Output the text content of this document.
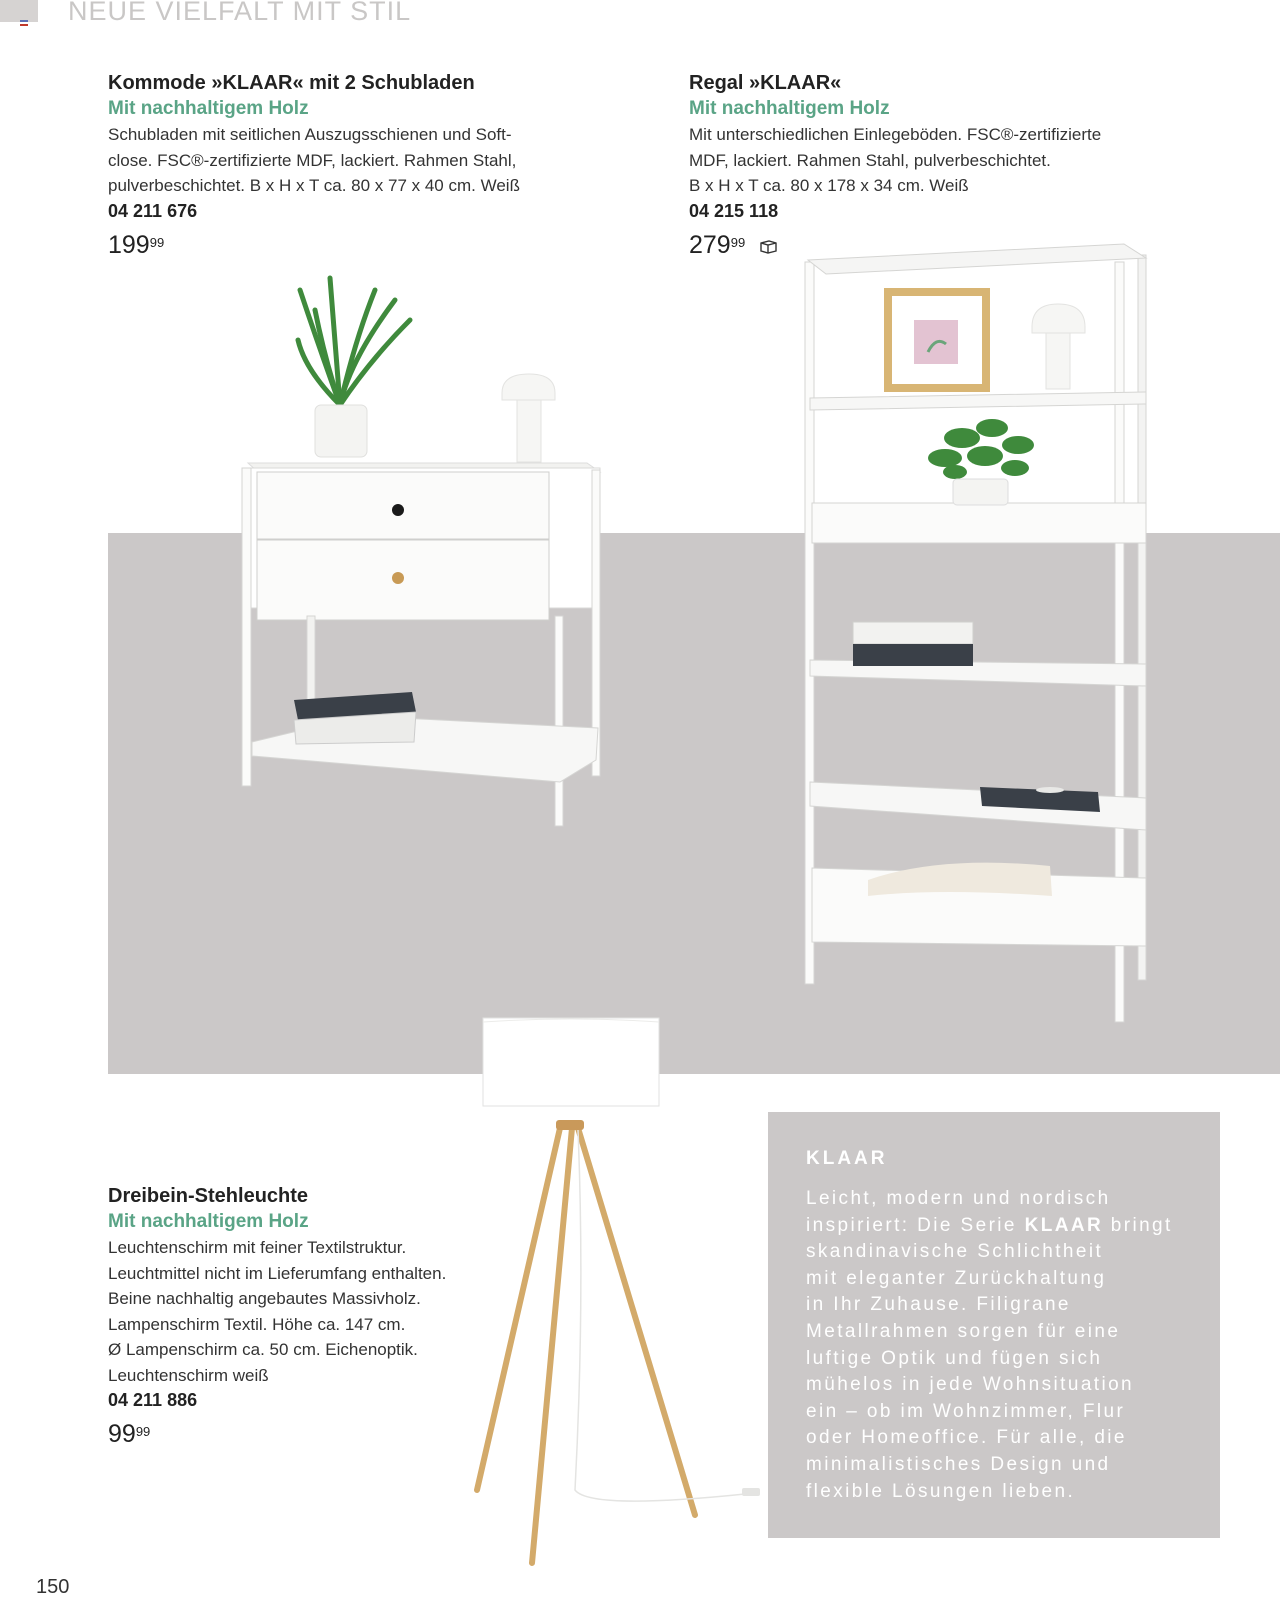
NEUE VIELFALT MIT STIL
Kommode »KLAAR« mit 2 Schubladen
Mit nachhaltigem Holz
Schubladen mit seitlichen Auszugsschienen und Soft-
close. FSC®-zertifizierte MDF, lackiert. Rahmen Stahl,
pulverbeschichtet. B x H x T ca. 80 x 77 x 40 cm. Weiß
04 211 676
$199^{99}$
Regal »KLAAR«
Mit nachhaltigem Holz
Mit unterschiedlichen Einlegeböden. FSC®-zertifizierte
MDF, lackiert. Rahmen Stahl, pulverbeschichtet.
B x H x T ca. 80 x 178 x 34 cm. Weiß
04 215 118
$279^{99}$
Dreibein-Stehleuchte
Mit nachhaltigem Holz
Leuchtenschirm mit feiner Textilstruktur.
Leuchtmittel nicht im Lieferumfang enthalten.
Beine nachhaltig angebautes Massivholz.
Lampenschirm Textil. Höhe ca. 147 cm.
Ø Lampenschirm ca. 50 cm. Eichenoptik.
Leuchtenschirm weiß
04 211 886
$99^{99}$
KLAAR
Leicht, modern und nordisch
inspiriert: Die Serie KLAAR bringt
skandinavische Schlichtheit
mit eleganter Zurückhaltung
in Ihr Zuhause. Filigrane
Metallrahmen sorgen für eine
luftige Optik und fügen sich
mühelos in jede Wohnsituation
ein – ob im Wohnzimmer, Flur
oder Homeoffice. Für alle, die
minimalistisches Design und
flexible Lösungen lieben.
150
